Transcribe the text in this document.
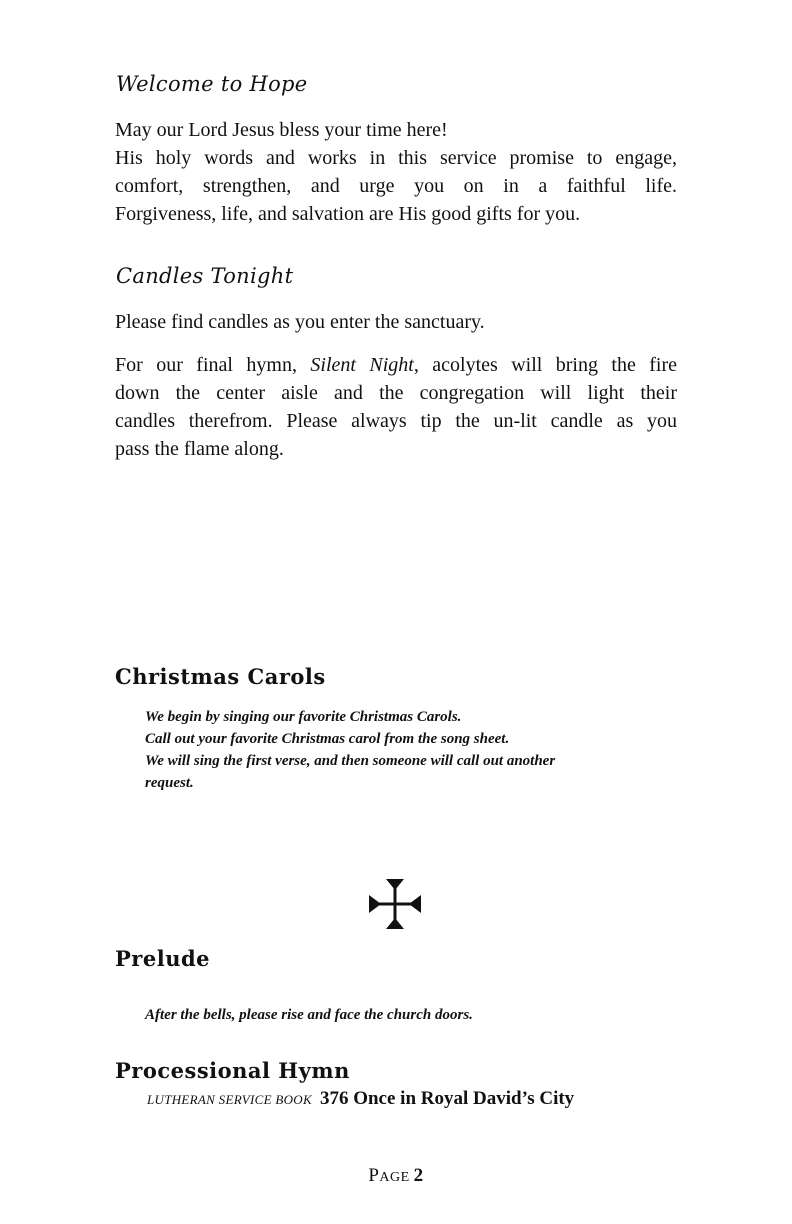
Welcome to Hope

May our Lord Jesus bless your time here!
His holy words and works in this service promise to engage,
comfort, strengthen, and urge you on in a faithful life.
Forgiveness, life, and salvation are His good gifts for you.

Candles Tonight

Please find candles as you enter the sanctuary.

For our final hymn, Silent Night, acolytes will bring the fire
down the center aisle and the congregation will light their
candles therefrom. Please always tip the un-lit candle as you
pass the flame along.

Christmas Carols
We begin by singing our favorite Christmas Carols.
Call out your favorite Christmas carol from the song sheet.
We will sing the first verse, and then someone will call out another
request.
Prelude
After the bells, please rise and face the church doors.
Processional Hymn
LUTHERAN SERVICE BOOK 376 Once in Royal David’s City
PAGE 2
